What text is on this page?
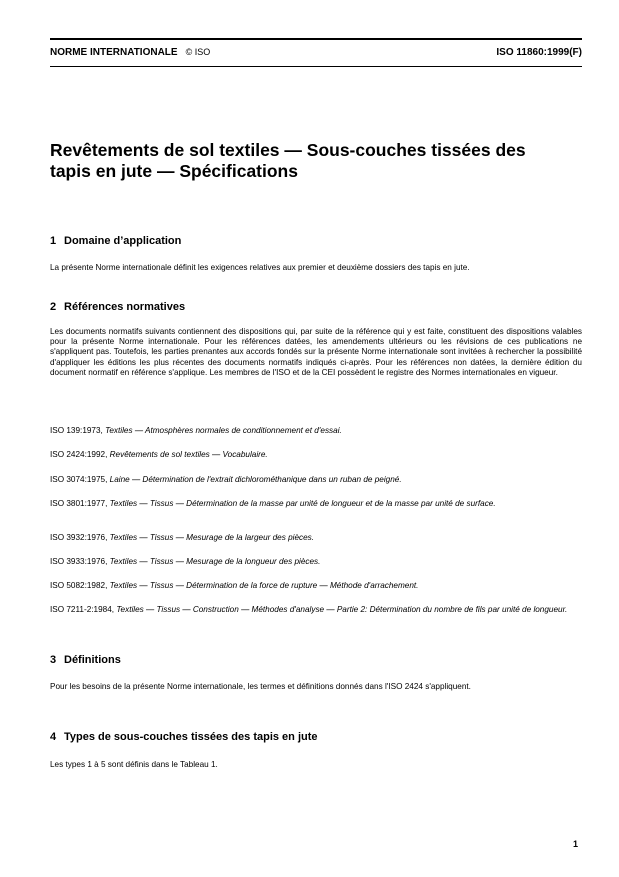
NORME INTERNATIONALE © ISO	ISO 11860:1999(F)
Revêtements de sol textiles — Sous-couches tissées des
tapis en jute — Spécifications
1 Domaine d’application
La présente Norme internationale définit les exigences relatives aux premier et deuxième dossiers des tapis en jute.
2 Références normatives
Les documents normatifs suivants contiennent des dispositions qui, par suite de la référence qui y est faite, constituent des dispositions valables pour la présente Norme internationale. Pour les références datées, les amendements ultérieurs ou les révisions de ces publications ne s'appliquent pas. Toutefois, les parties prenantes aux accords fondés sur la présente Norme internationale sont invitées à rechercher la possibilité d'appliquer les éditions les plus récentes des documents normatifs indiqués ci-après. Pour les références non datées, la dernière édition du document normatif en référence s'applique. Les membres de l'ISO et de la CEI possèdent le registre des Normes internationales en vigueur.
ISO 139:1973, Textiles — Atmosphères normales de conditionnement et d'essai.
ISO 2424:1992, Revêtements de sol textiles — Vocabulaire.
ISO 3074:1975, Laine — Détermination de l'extrait dichlorométhanique dans un ruban de peigné.
ISO 3801:1977, Textiles — Tissus — Détermination de la masse par unité de longueur et de la masse par unité de surface.
ISO 3932:1976, Textiles — Tissus — Mesurage de la largeur des pièces.
ISO 3933:1976, Textiles — Tissus — Mesurage de la longueur des pièces.
ISO 5082:1982, Textiles — Tissus — Détermination de la force de rupture — Méthode d'arrachement.
ISO 7211-2:1984, Textiles — Tissus — Construction — Méthodes d'analyse — Partie 2: Détermination du nombre de fils par unité de longueur.
3 Définitions
Pour les besoins de la présente Norme internationale, les termes et définitions donnés dans l'ISO 2424 s'appliquent.
4 Types de sous-couches tissées des tapis en jute
Les types 1 à 5 sont définis dans le Tableau 1.
1
